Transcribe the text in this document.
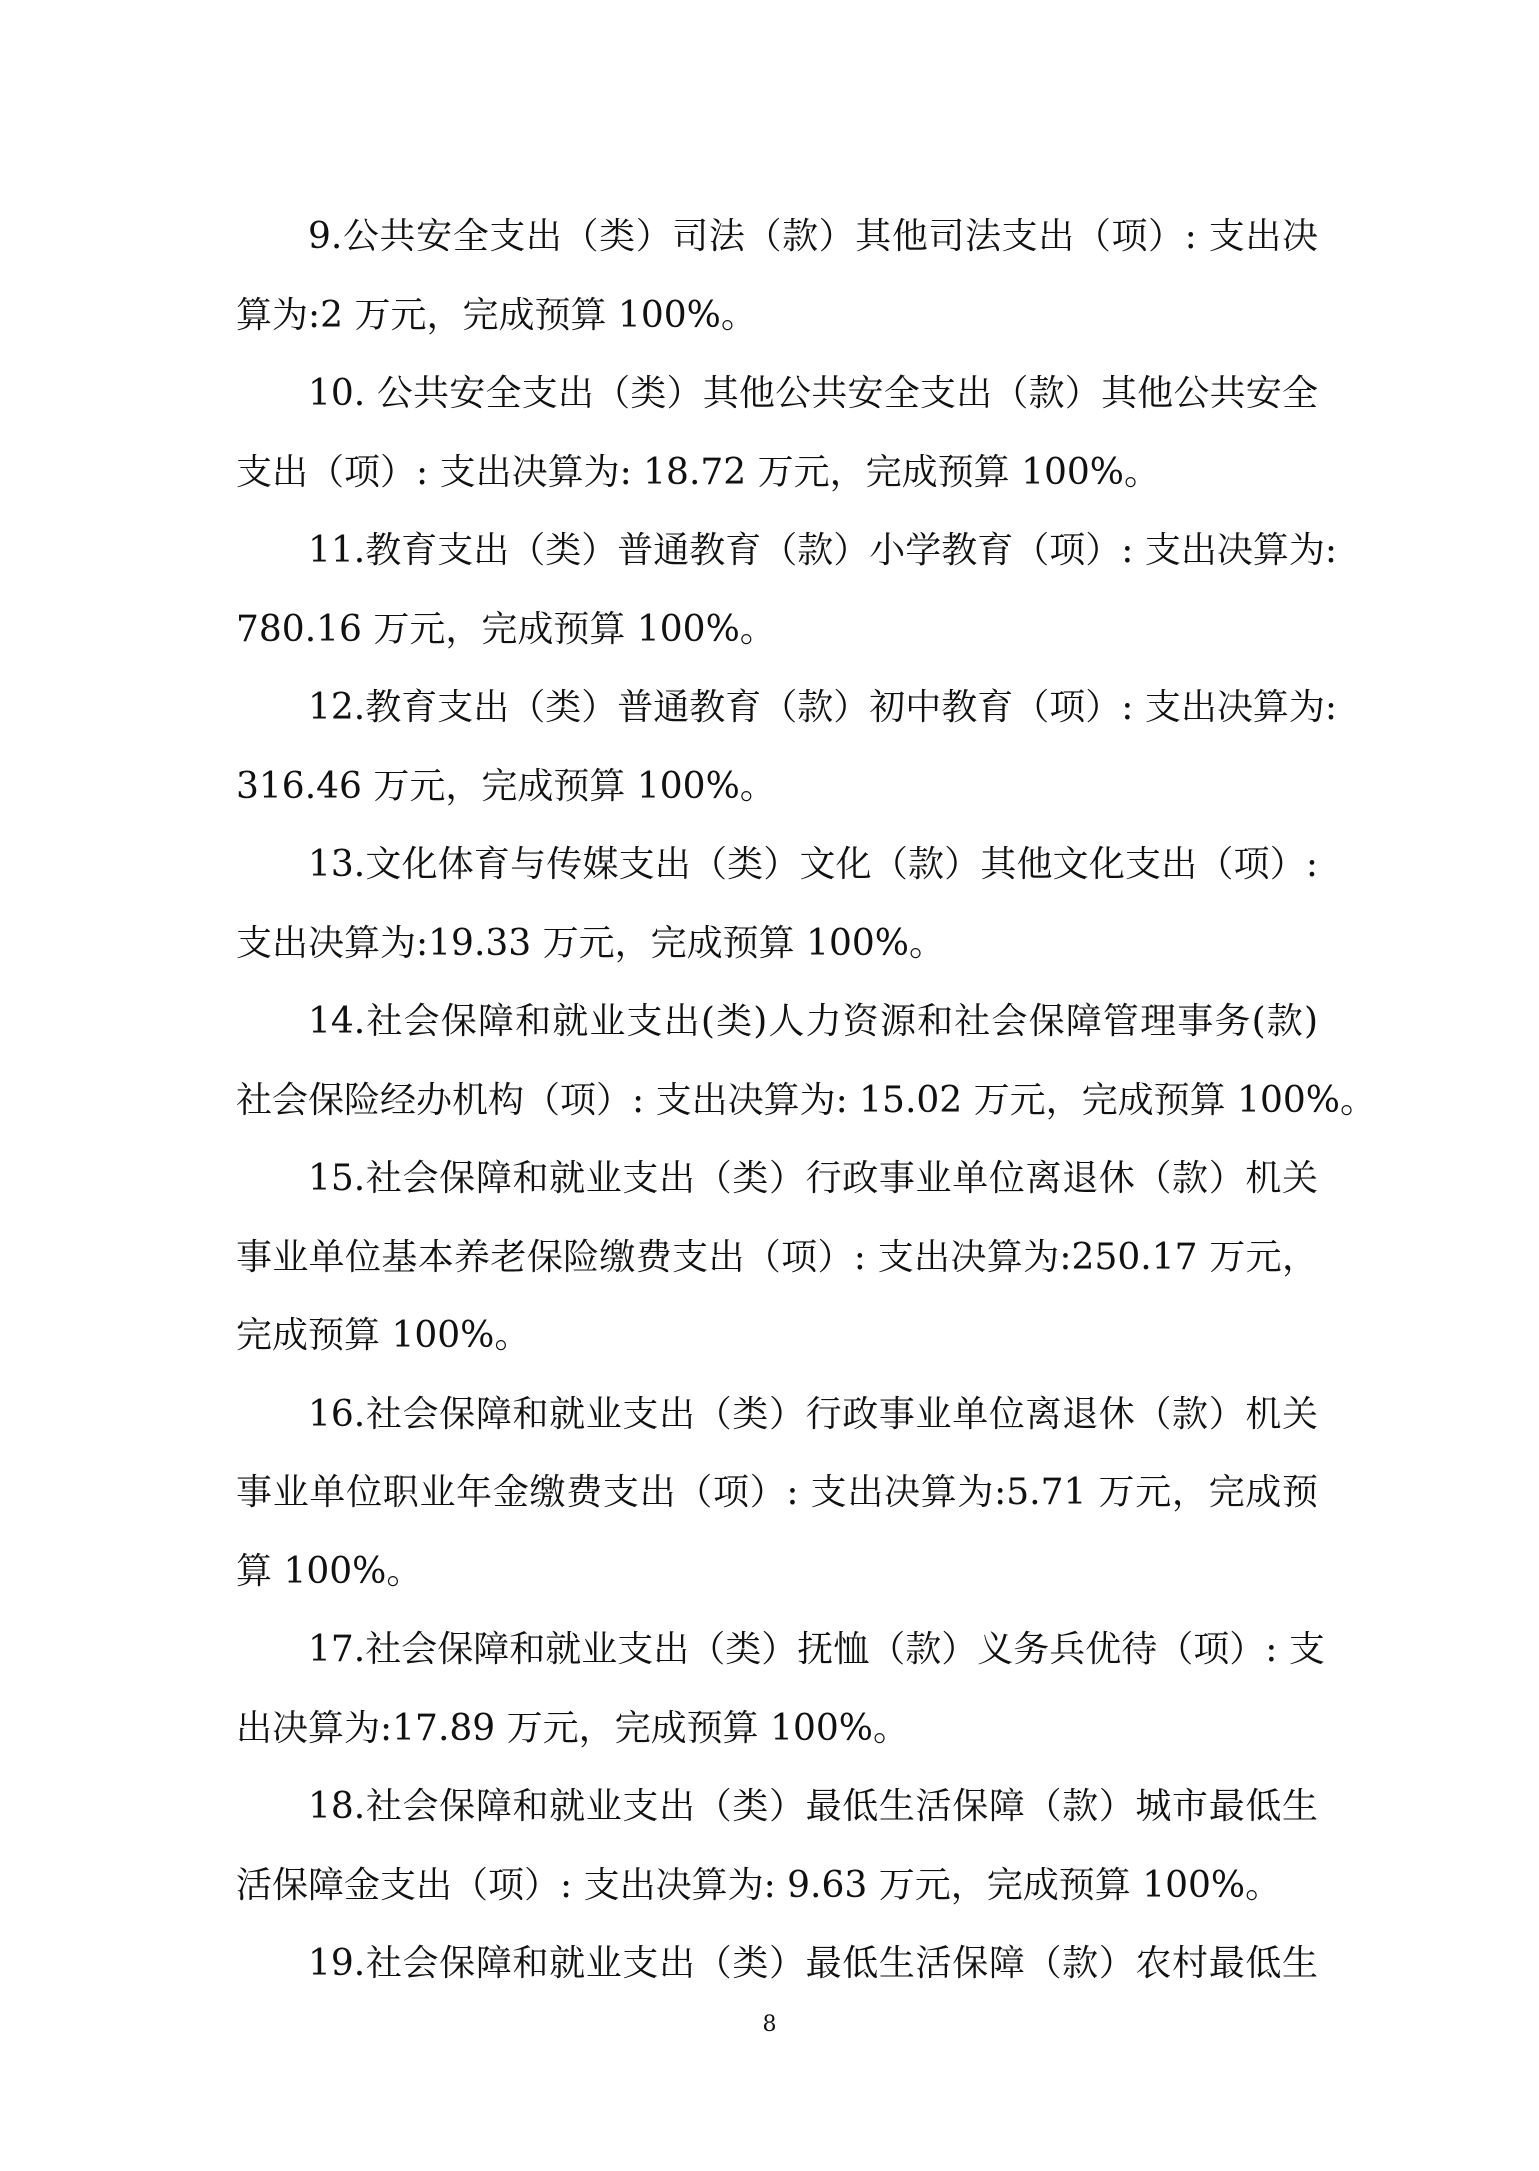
9.公共安全支出（类）司法（款）其他司法支出（项）: 支出决
算为:2 万元，完成预算 100%。
10. 公共安全支出（类）其他公共安全支出（款）其他公共安全
支出（项）: 支出决算为: 18.72 万元，完成预算 100%。
11.教育支出（类）普通教育（款）小学教育（项）: 支出决算为:
780.16 万元，完成预算 100%。
12.教育支出（类）普通教育（款）初中教育（项）: 支出决算为:
316.46 万元，完成预算 100%。
13.文化体育与传媒支出（类）文化（款）其他文化支出（项）:
支出决算为:19.33 万元，完成预算 100%。
14.社会保障和就业支出(类)人力资源和社会保障管理事务(款)
社会保险经办机构（项）: 支出决算为: 15.02 万元，完成预算 100%。
15.社会保障和就业支出（类）行政事业单位离退休（款）机关
事业单位基本养老保险缴费支出（项）: 支出决算为:250.17 万元，
完成预算 100%。
16.社会保障和就业支出（类）行政事业单位离退休（款）机关
事业单位职业年金缴费支出（项）: 支出决算为:5.71 万元，完成预
算 100%。
17.社会保障和就业支出（类）抚恤（款）义务兵优待（项）: 支
出决算为:17.89 万元，完成预算 100%。
18.社会保障和就业支出（类）最低生活保障（款）城市最低生
活保障金支出（项）: 支出决算为: 9.63 万元，完成预算 100%。
19.社会保障和就业支出（类）最低生活保障（款）农村最低生
8
